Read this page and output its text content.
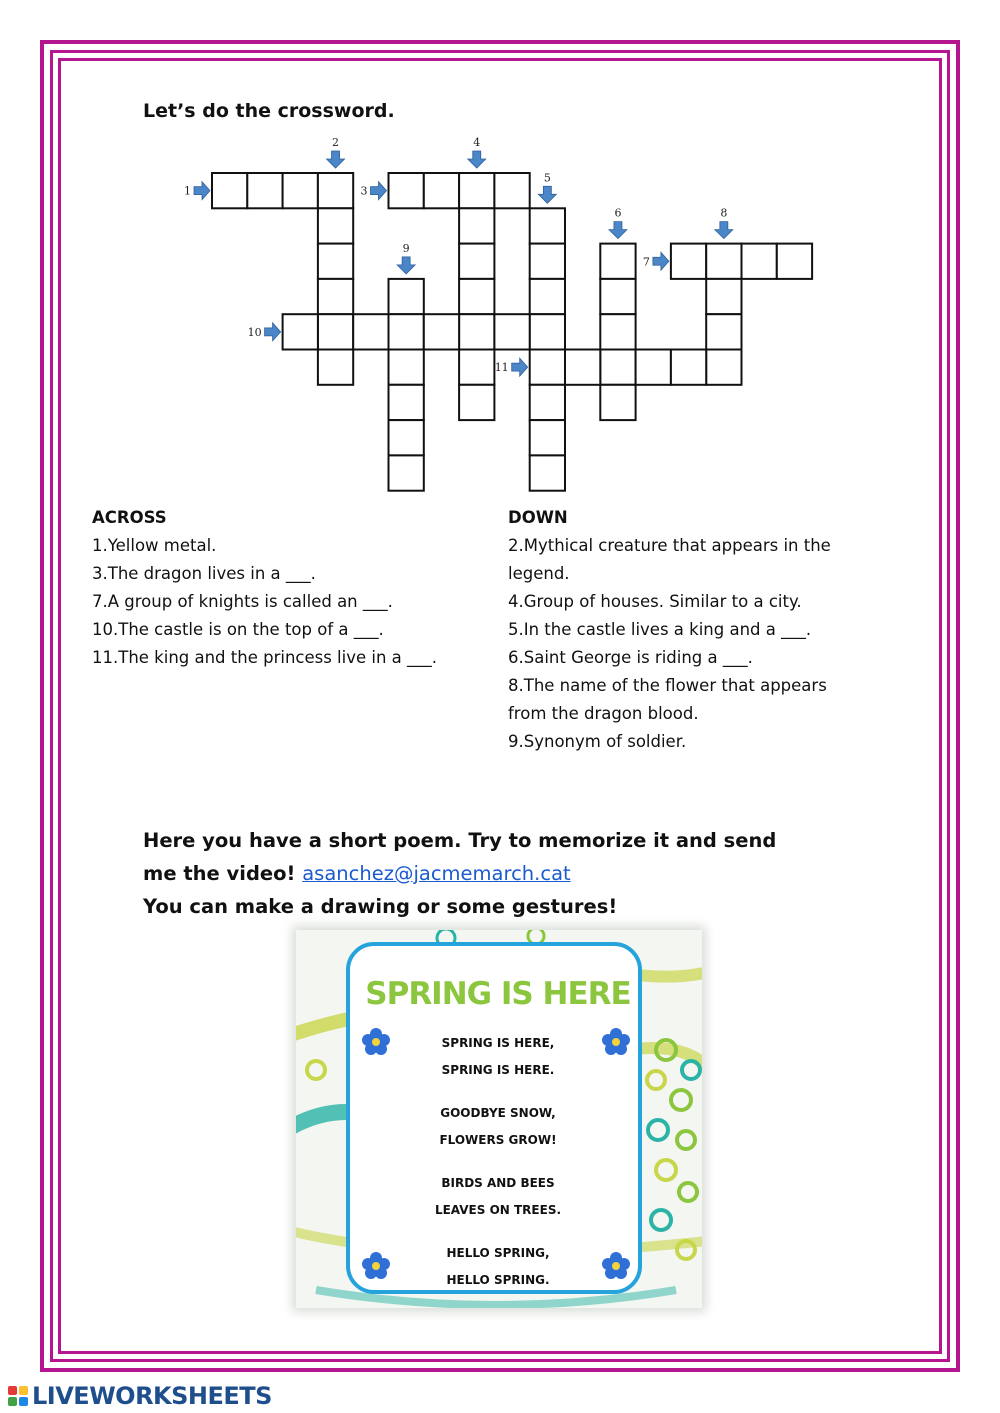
Let’s do the crossword.
1
2
3
4
5
6
7
8
9
10
11
ACROSS
1.Yellow metal.
3.The dragon lives in a ___.
7.A group of knights is called an ___.
10.The castle is on the top of a ___.
11.The king and the princess live in a ___.
DOWN
2.Mythical creature that appears in the
legend.
4.Group of houses. Similar to a city.
5.In the castle lives a king and a ___.
6.Saint George is riding a ___.
8.The name of the flower that appears
from the dragon blood.
9.Synonym of soldier.
Here you have a short poem. Try to memorize it and send
me the video! asanchez@jacmemarch.cat
You can make a drawing or some gestures!
SPRING IS HERE
SPRING IS HERE,
SPRING IS HERE.
GOODBYE SNOW,
FLOWERS GROW!
BIRDS AND BEES
LEAVES ON TREES.
HELLO SPRING,
HELLO SPRING.
LIVEWORKSHEETS
